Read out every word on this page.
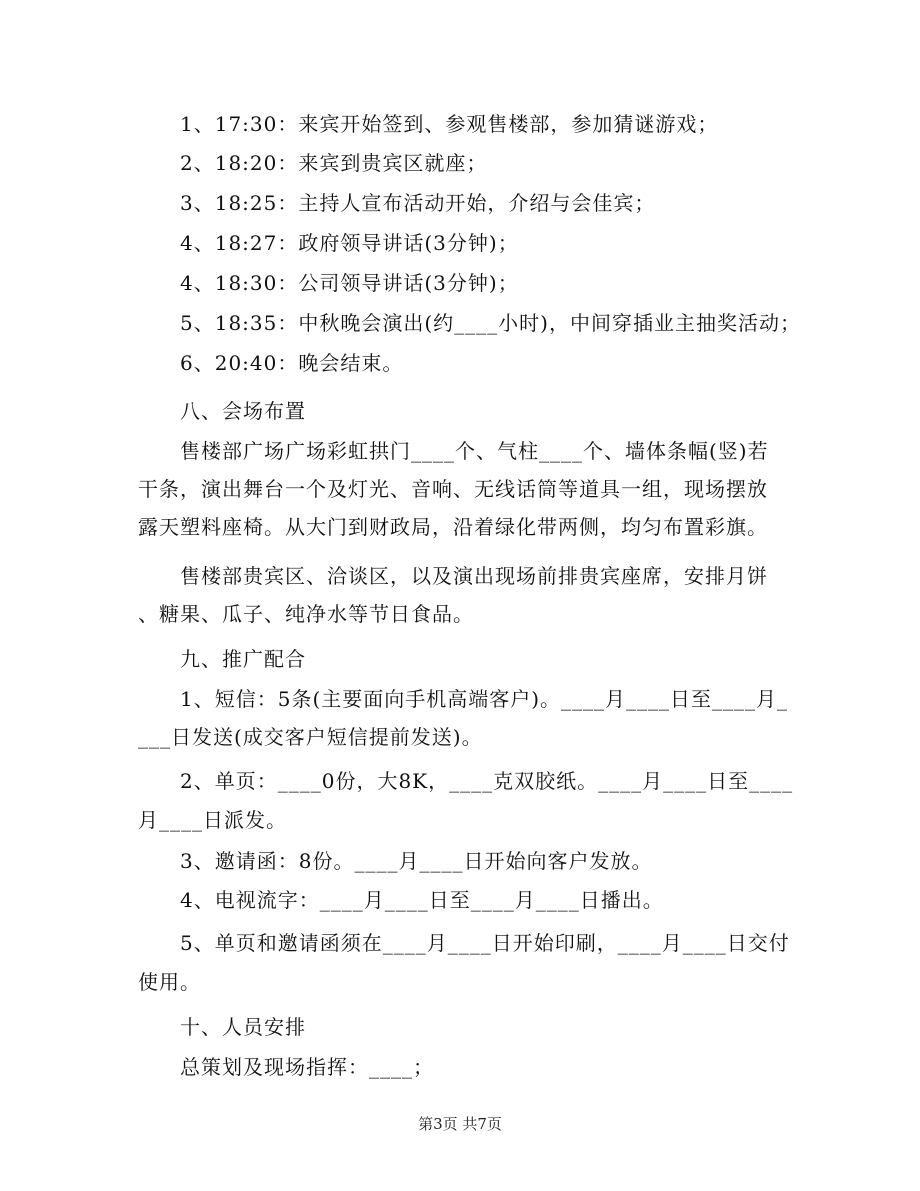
1、17:30：来宾开始签到、参观售楼部，参加猜谜游戏；
2、18:20：来宾到贵宾区就座；
3、18:25：主持人宣布活动开始，介绍与会佳宾；
4、18:27：政府领导讲话(3分钟)；
4、18:30：公司领导讲话(3分钟)；
5、18:35：中秋晚会演出(约____小时)，中间穿插业主抽奖活动；
6、20:40：晚会结束。
八、会场布置
售楼部广场广场彩虹拱门____个、气柱____个、墙体条幅(竖)若
干条，演出舞台一个及灯光、音响、无线话筒等道具一组，现场摆放
露天塑料座椅。从大门到财政局，沿着绿化带两侧，均匀布置彩旗。
售楼部贵宾区、洽谈区，以及演出现场前排贵宾座席，安排月饼
、糖果、瓜子、纯净水等节日食品。
九、推广配合
1、短信：5条(主要面向手机高端客户)。____月____日至____月_
___日发送(成交客户短信提前发送)。
2、单页：____0份，大8K，____克双胶纸。____月____日至____
月____日派发。
3、邀请函：8份。____月____日开始向客户发放。
4、电视流字：____月____日至____月____日播出。
5、单页和邀请函须在____月____日开始印刷，____月____日交付
使用。
十、人员安排
总策划及现场指挥：____；
第3页 共7页
